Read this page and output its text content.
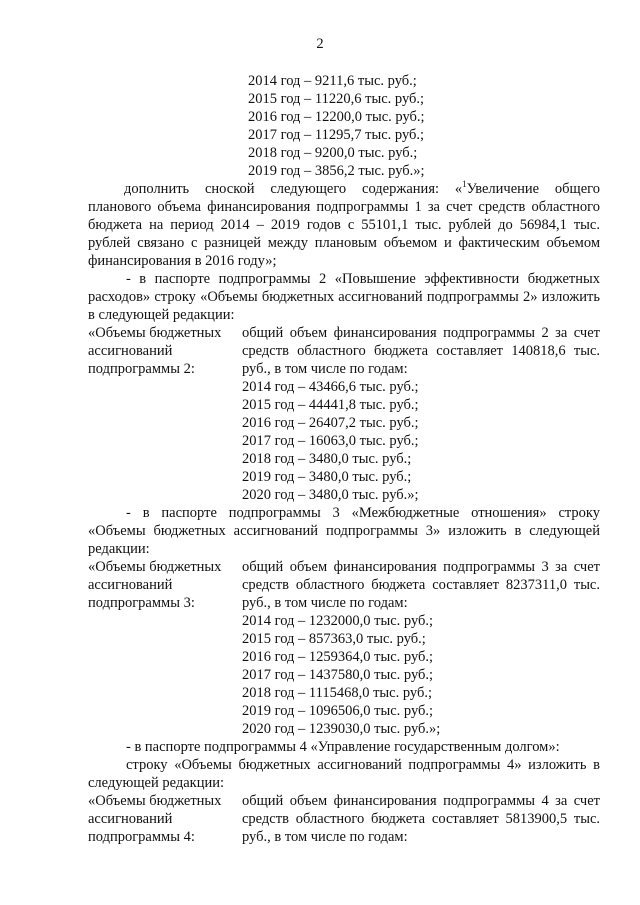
2
2014 год – 9211,6 тыс. руб.;
2015 год – 11220,6 тыс. руб.;
2016 год – 12200,0 тыс. руб.;
2017 год – 11295,7 тыс. руб.;
2018 год – 9200,0 тыс. руб.;
2019 год – 3856,2 тыс. руб.»;
дополнить сноской следующего содержания: «$^1$Увеличение общего планового объема финансирования подпрограммы 1 за счет средств областного бюджета на период 2014 – 2019 годов с 55101,1 тыс. рублей до 56984,1 тыс. рублей связано с разницей между плановым объемом и фактическим объемом финансирования в 2016 году»;
- в паспорте подпрограммы 2 «Повышение эффективности бюджетных расходов» строку «Объемы бюджетных ассигнований подпрограммы 2» изложить в следующей редакции:
«Объемы бюджетных
ассигнований
подпрограммы 2:
общий объем финансирования подпрограммы 2 за счет средств областного бюджета составляет 140818,6 тыс. руб., в том числе по годам:
2014 год – 43466,6 тыс. руб.;
2015 год – 44441,8 тыс. руб.;
2016 год – 26407,2 тыс. руб.;
2017 год – 16063,0 тыс. руб.;
2018 год – 3480,0 тыс. руб.;
2019 год – 3480,0 тыс. руб.;
2020 год – 3480,0 тыс. руб.»;
- в паспорте подпрограммы 3 «Межбюджетные отношения» строку «Объемы бюджетных ассигнований подпрограммы 3» изложить в следующей редакции:
«Объемы бюджетных
ассигнований
подпрограммы 3:
общий объем финансирования подпрограммы 3 за счет средств областного бюджета составляет 8237311,0 тыс. руб., в том числе по годам:
2014 год – 1232000,0 тыс. руб.;
2015 год – 857363,0 тыс. руб.;
2016 год – 1259364,0 тыс. руб.;
2017 год – 1437580,0 тыс. руб.;
2018 год – 1115468,0 тыс. руб.;
2019 год – 1096506,0 тыс. руб.;
2020 год – 1239030,0 тыс. руб.»;
- в паспорте подпрограммы 4 «Управление государственным долгом»:
строку «Объемы бюджетных ассигнований подпрограммы 4» изложить в следующей редакции:
«Объемы бюджетных
ассигнований
подпрограммы 4:
общий объем финансирования подпрограммы 4 за счет средств областного бюджета составляет 5813900,5 тыс. руб., в том числе по годам:
